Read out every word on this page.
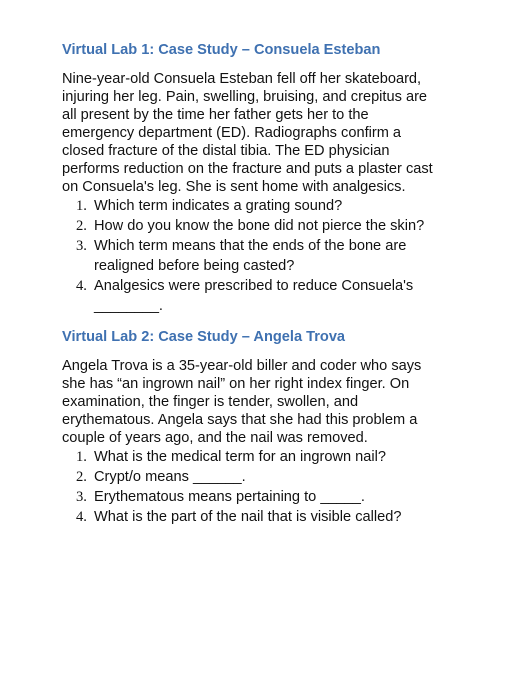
Virtual Lab 1: Case Study – Consuela Esteban

Nine-year-old Consuela Esteban fell off her skateboard,
injuring her leg. Pain, swelling, bruising, and crepitus are
all present by the time her father gets her to the
emergency department (ED). Radiographs confirm a
closed fracture of the distal tibia. The ED physician
performs reduction on the fracture and puts a plaster cast
on Consuela's leg. She is sent home with analgesics.

1. Which term indicates a grating sound?
2. How do you know the bone did not pierce the skin?
3. Which term means that the ends of the bone are
realigned before being casted?
4. Analgesics were prescribed to reduce Consuela's
________.
Virtual Lab 2: Case Study – Angela Trova

Angela Trova is a 35-year-old biller and coder who says
she has “an ingrown nail” on her right index finger. On
examination, the finger is tender, swollen, and
erythematous. Angela says that she had this problem a
couple of years ago, and the nail was removed.

1. What is the medical term for an ingrown nail?
2. Crypt/o means ______.
3. Erythematous means pertaining to _____.
4. What is the part of the nail that is visible called?
